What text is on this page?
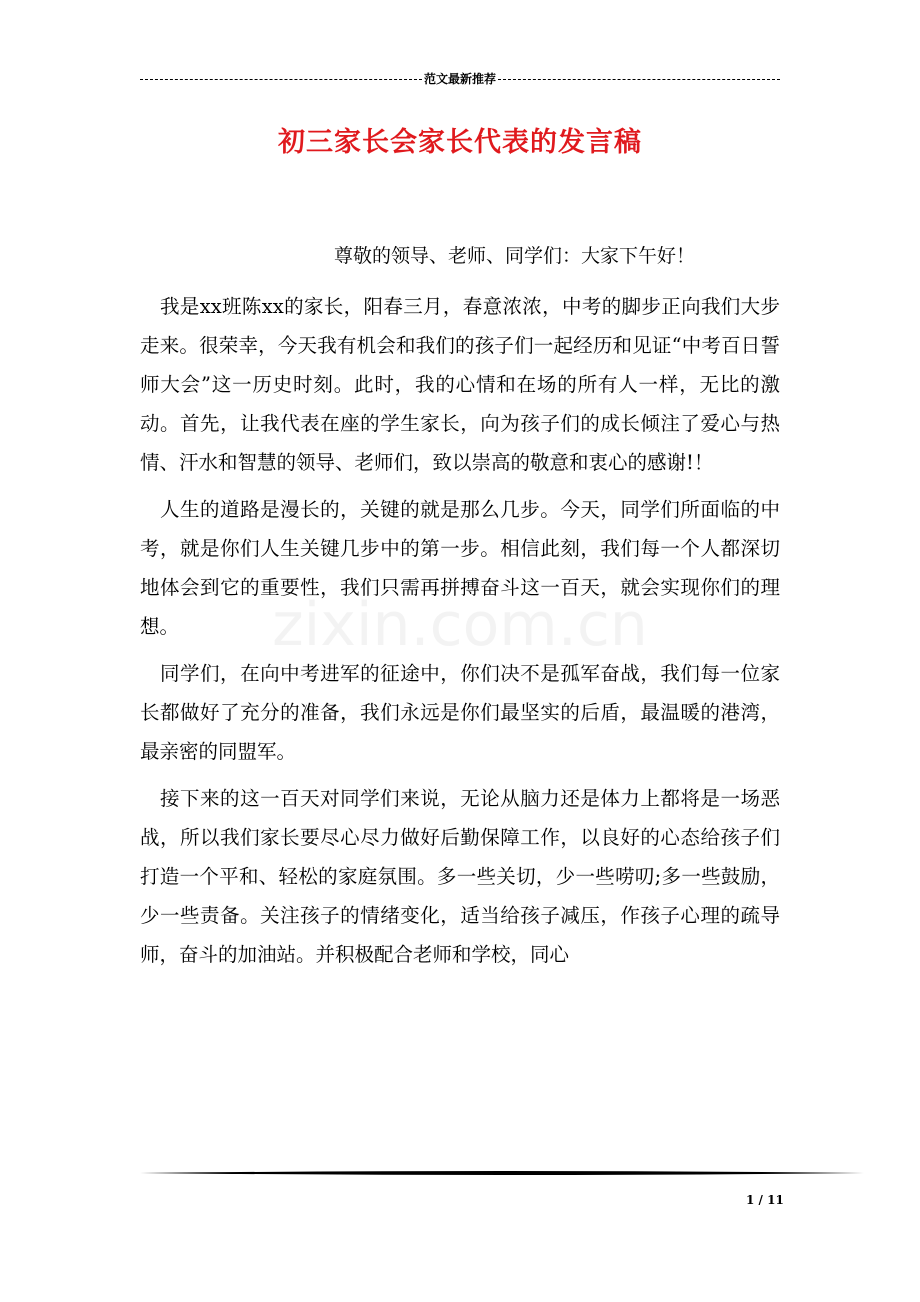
范文最新推荐
初三家长会家长代表的发言稿
尊敬的领导、老师、同学们：大家下午好！
zixin.com.cn

我是xx班陈xx的家长，阳春三月，春意浓浓，中考的脚步正向我们大步走来。很荣幸，今天我有机会和我们的孩子们一起经历和见证“中考百日誓师大会”这一历史时刻。此时，我的心情和在场的所有人一样，无比的激动。首先，让我代表在座的学生家长，向为孩子们的成长倾注了爱心与热情、汗水和智慧的领导、老师们，致以崇高的敬意和衷心的感谢!！

人生的道路是漫长的，关键的就是那么几步。今天，同学们所面临的中考，就是你们人生关键几步中的第一步。相信此刻，我们每一个人都深切地体会到它的重要性，我们只需再拼搏奋斗这一百天，就会实现你们的理想。

同学们，在向中考进军的征途中，你们决不是孤军奋战，我们每一位家长都做好了充分的准备，我们永远是你们最坚实的后盾，最温暖的港湾，最亲密的同盟军。

接下来的这一百天对同学们来说，无论从脑力还是体力上都将是一场恶战，所以我们家长要尽心尽力做好后勤保障工作，以良好的心态给孩子们打造一个平和、轻松的家庭氛围。多一些关切，少一些唠叨;多一些鼓励，少一些责备。关注孩子的情绪变化，适当给孩子减压，作孩子心理的疏导师，奋斗的加油站。并积极配合老师和学校，同心

1 / 11
